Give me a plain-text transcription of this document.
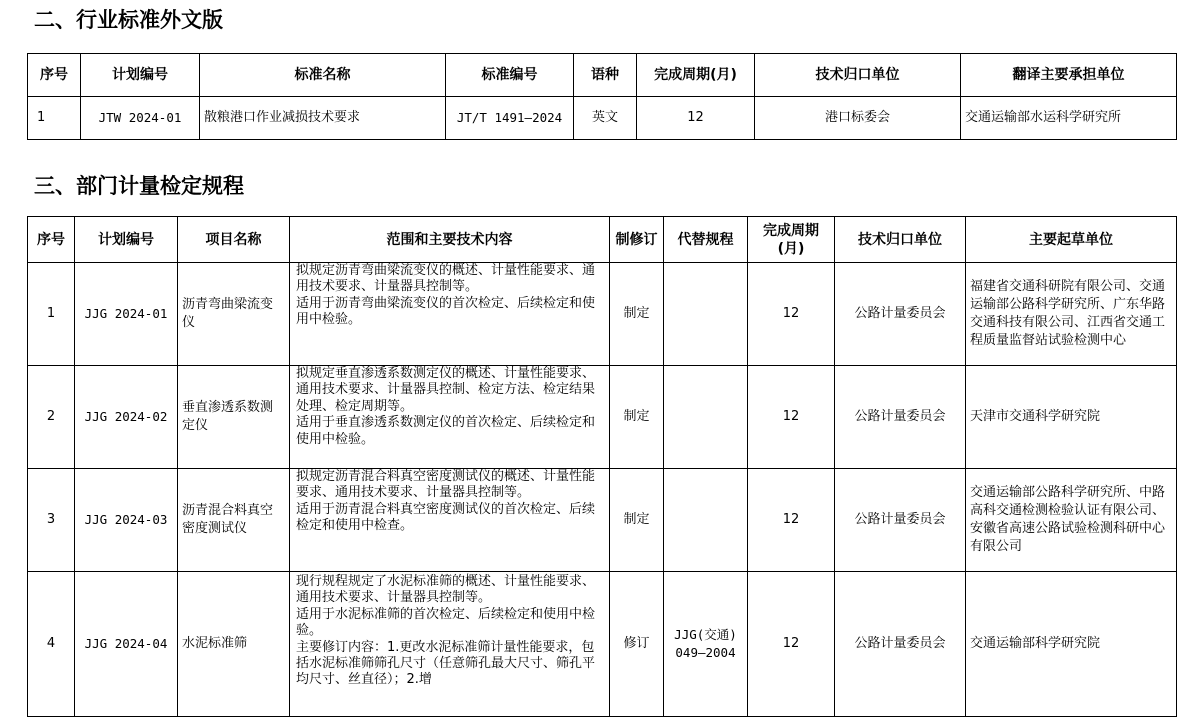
二、行业标准外文版
序号	计划编号	标准名称	标准编号	语种	完成周期(月)	技术归口单位	翻译主要承担单位
1	JTW 2024-01	散粮港口作业减损技术要求	JT/T 1491—2024	英文	12	港口标委会	交通运输部水运科学研究所
三、部门计量检定规程
序号	计划编号	项目名称	范围和主要技术内容	制修订	代替规程	完成周期(月)	技术归口单位	主要起草单位
1	JJG 2024-01	沥青弯曲梁流变仪	拟规定沥青弯曲梁流变仪的概述、计量性能要求、通用技术要求、计量器具控制等。
适用于沥青弯曲梁流变仪的首次检定、后续检定和使用中检验。	制定		12	公路计量委员会	福建省交通科研院有限公司、交通运输部公路科学研究所、广东华路交通科技有限公司、江西省交通工程质量监督站试验检测中心
2	JJG 2024-02	垂直渗透系数测定仪	拟规定垂直渗透系数测定仪的概述、计量性能要求、通用技术要求、计量器具控制、检定方法、检定结果处理、检定周期等。
适用于垂直渗透系数测定仪的首次检定、后续检定和使用中检验。	制定		12	公路计量委员会	天津市交通科学研究院
3	JJG 2024-03	沥青混合料真空密度测试仪	拟规定沥青混合料真空密度测试仪的概述、计量性能要求、通用技术要求、计量器具控制等。
适用于沥青混合料真空密度测试仪的首次检定、后续检定和使用中检查。	制定		12	公路计量委员会	交通运输部公路科学研究所、中路高科交通检测检验认证有限公司、安徽省高速公路试验检测科研中心有限公司
4	JJG 2024-04	水泥标准筛	现行规程规定了水泥标准筛的概述、计量性能要求、通用技术要求、计量器具控制等。
适用于水泥标准筛的首次检定、后续检定和使用中检验。
主要修订内容：1.更改水泥标准筛计量性能要求，包括水泥标准筛筛孔尺寸（任意筛孔最大尺寸、筛孔平均尺寸、丝直径）；2.增	修订	JJG(交通) 049—2004	12	公路计量委员会	交通运输部科学研究院
